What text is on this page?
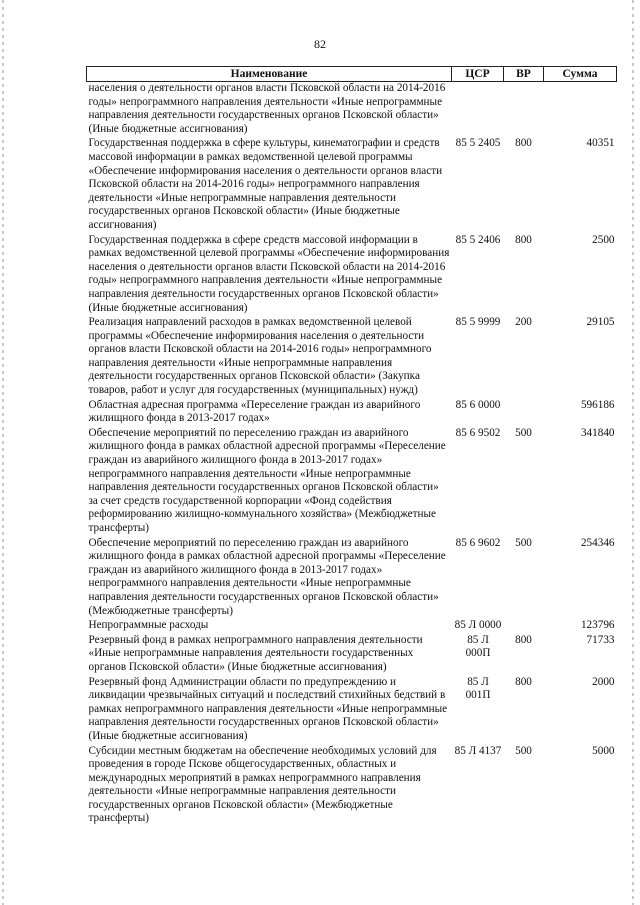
82
Наименование	ЦСР	ВР	Сумма
населения о деятельности органов власти Псковской области на 2014-2016 годы» непрограммного направления деятельности «Иные непрограммные направления деятельности государственных органов Псковской области» (Иные бюджетные ассигнования)			
Государственная поддержка в сфере культуры, кинематографии и средств массовой информации в рамках ведомственной целевой программы «Обеспечение информирования населения о деятельности органов власти Псковской области на 2014-2016 годы» непрограммного направления деятельности «Иные непрограммные направления деятельности государственных органов Псковской области» (Иные бюджетные ассигнования)	85 5 2405	800	40351
Государственная поддержка в сфере средств массовой информации в рамках ведомственной целевой программы «Обеспечение информирования населения о деятельности органов власти Псковской области на 2014-2016 годы» непрограммного направления деятельности «Иные непрограммные направления деятельности государственных органов Псковской области» (Иные бюджетные ассигнования)	85 5 2406	800	2500
Реализация направлений расходов в рамках ведомственной целевой программы «Обеспечение информирования населения о деятельности органов власти Псковской области на 2014-2016 годы» непрограммного направления деятельности «Иные непрограммные направления деятельности государственных органов Псковской области» (Закупка товаров, работ и услуг для государственных (муниципальных) нужд)	85 5 9999	200	29105
Областная адресная программа «Переселение граждан из аварийного жилищного фонда в 2013-2017 годах»	85 6 0000		596186
Обеспечение мероприятий по переселению граждан из аварийного жилищного фонда в рамках областной адресной программы «Переселение граждан из аварийного жилищного фонда в 2013-2017 годах» непрограммного направления деятельности «Иные непрограммные направления деятельности государственных органов Псковской области» за счет средств государственной корпорации «Фонд содействия реформированию жилищно-коммунального хозяйства» (Межбюджетные трансферты)	85 6 9502	500	341840
Обеспечение мероприятий по переселению граждан из аварийного жилищного фонда в рамках областной адресной программы «Переселение граждан из аварийного жилищного фонда в 2013-2017 годах» непрограммного направления деятельности «Иные непрограммные направления деятельности государственных органов Псковской области» (Межбюджетные трансферты)	85 6 9602	500	254346
Непрограммные расходы	85 Л 0000		123796
Резервный фонд в рамках непрограммного направления деятельности «Иные непрограммные направления деятельности государственных органов Псковской области» (Иные бюджетные ассигнования)	85 Л 000П	800	71733
Резервный фонд Администрации области по предупреждению и ликвидации чрезвычайных ситуаций и последствий стихийных бедствий в рамках непрограммного направления деятельности «Иные непрограммные направления деятельности государственных органов Псковской области» (Иные бюджетные ассигнования)	85 Л 001П	800	2000
Субсидии местным бюджетам на обеспечение необходимых условий для проведения в городе Пскове общегосударственных, областных и международных мероприятий в рамках непрограммного направления деятельности «Иные непрограммные направления деятельности государственных органов Псковской области» (Межбюджетные трансферты)	85 Л 4137	500	5000
